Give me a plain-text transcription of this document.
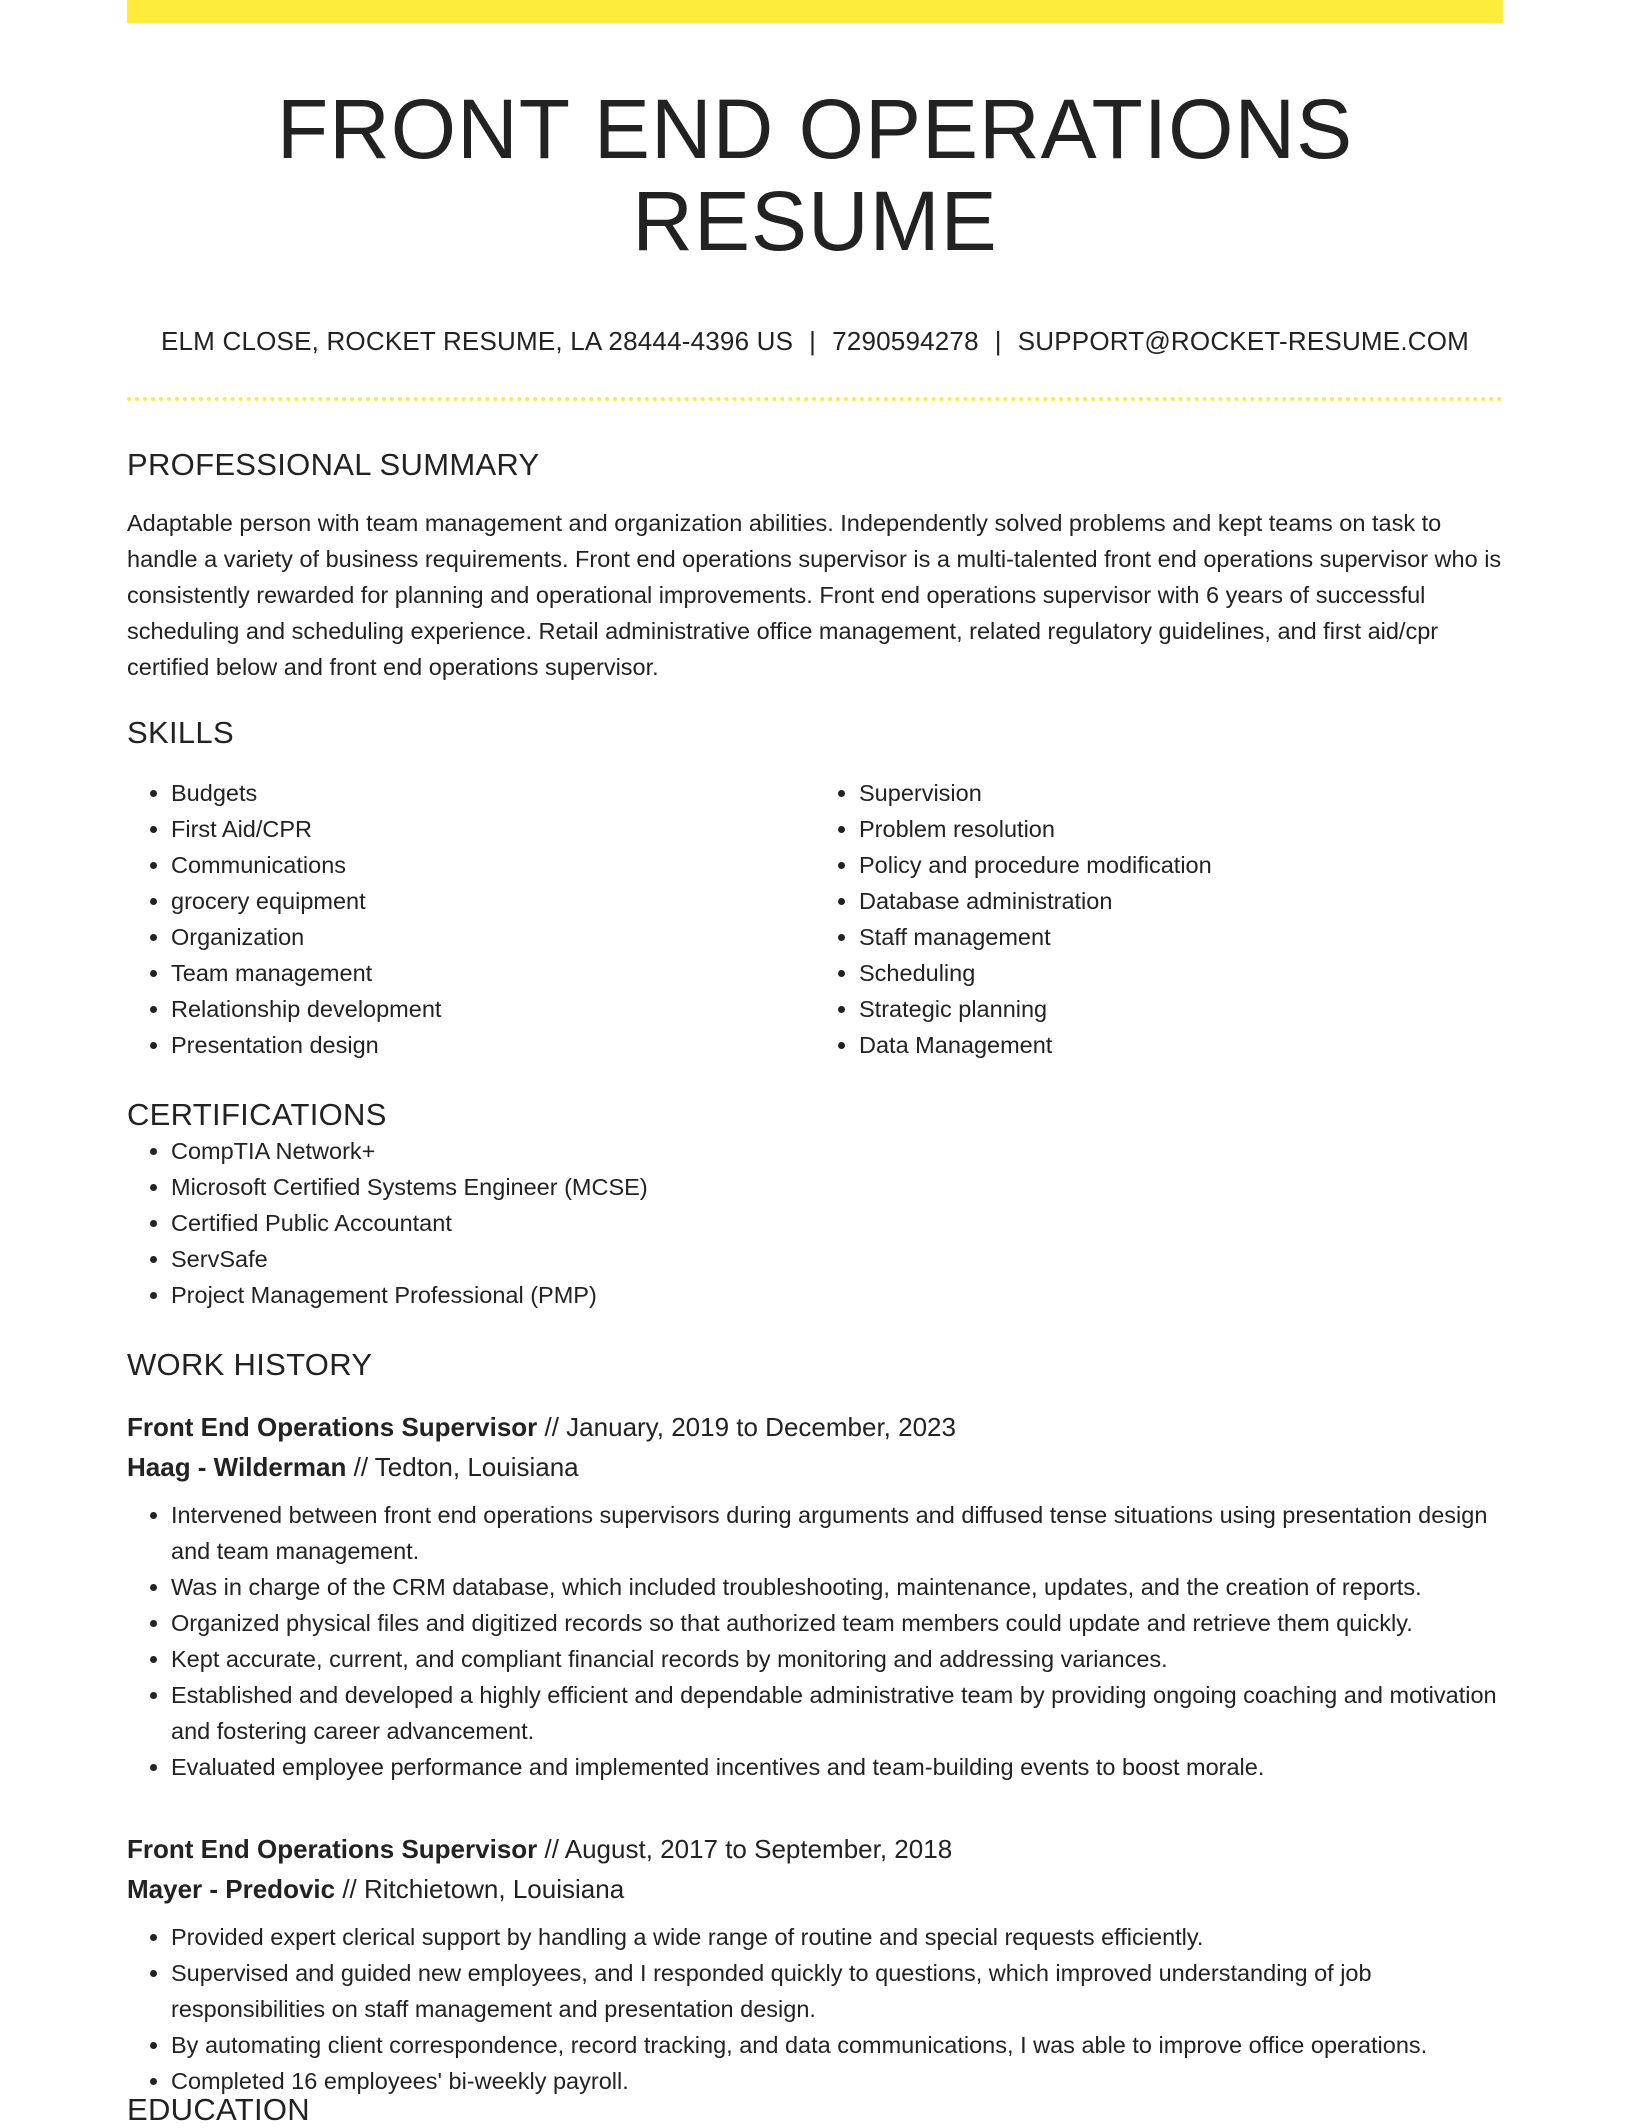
FRONT END OPERATIONS RESUME
ELM CLOSE, ROCKET RESUME, LA 28444-4396 US | 7290594278 | SUPPORT@ROCKET-RESUME.COM
PROFESSIONAL SUMMARY

Adaptable person with team management and organization abilities. Independently solved problems and kept teams on task to handle a variety of business requirements. Front end operations supervisor is a multi-talented front end operations supervisor who is consistently rewarded for planning and operational improvements. Front end operations supervisor with 6 years of successful scheduling and scheduling experience. Retail administrative office management, related regulatory guidelines, and first aid/cpr certified below and front end operations supervisor.

SKILLS
• Budgets
• First Aid/CPR
• Communications
• grocery equipment
• Organization
• Team management
• Relationship development
• Presentation design
• Supervision
• Problem resolution
• Policy and procedure modification
• Database administration
• Staff management
• Scheduling
• Strategic planning
• Data Management
CERTIFICATIONS
• CompTIA Network+
• Microsoft Certified Systems Engineer (MCSE)
• Certified Public Accountant
• ServSafe
• Project Management Professional (PMP)
WORK HISTORY
Front End Operations Supervisor // January, 2019 to December, 2023
Haag - Wilderman // Tedton, Louisiana
• Intervened between front end operations supervisors during arguments and diffused tense situations using presentation design and team management.
• Was in charge of the CRM database, which included troubleshooting, maintenance, updates, and the creation of reports.
• Organized physical files and digitized records so that authorized team members could update and retrieve them quickly.
• Kept accurate, current, and compliant financial records by monitoring and addressing variances.
• Established and developed a highly efficient and dependable administrative team by providing ongoing coaching and motivation and fostering career advancement.
• Evaluated employee performance and implemented incentives and team-building events to boost morale.
Front End Operations Supervisor // August, 2017 to September, 2018
Mayer - Predovic // Ritchietown, Louisiana
• Provided expert clerical support by handling a wide range of routine and special requests efficiently.
• Supervised and guided new employees, and I responded quickly to questions, which improved understanding of job responsibilities on staff management and presentation design.
• By automating client correspondence, record tracking, and data communications, I was able to improve office operations.
• Completed 16 employees' bi-weekly payroll.
EDUCATION
